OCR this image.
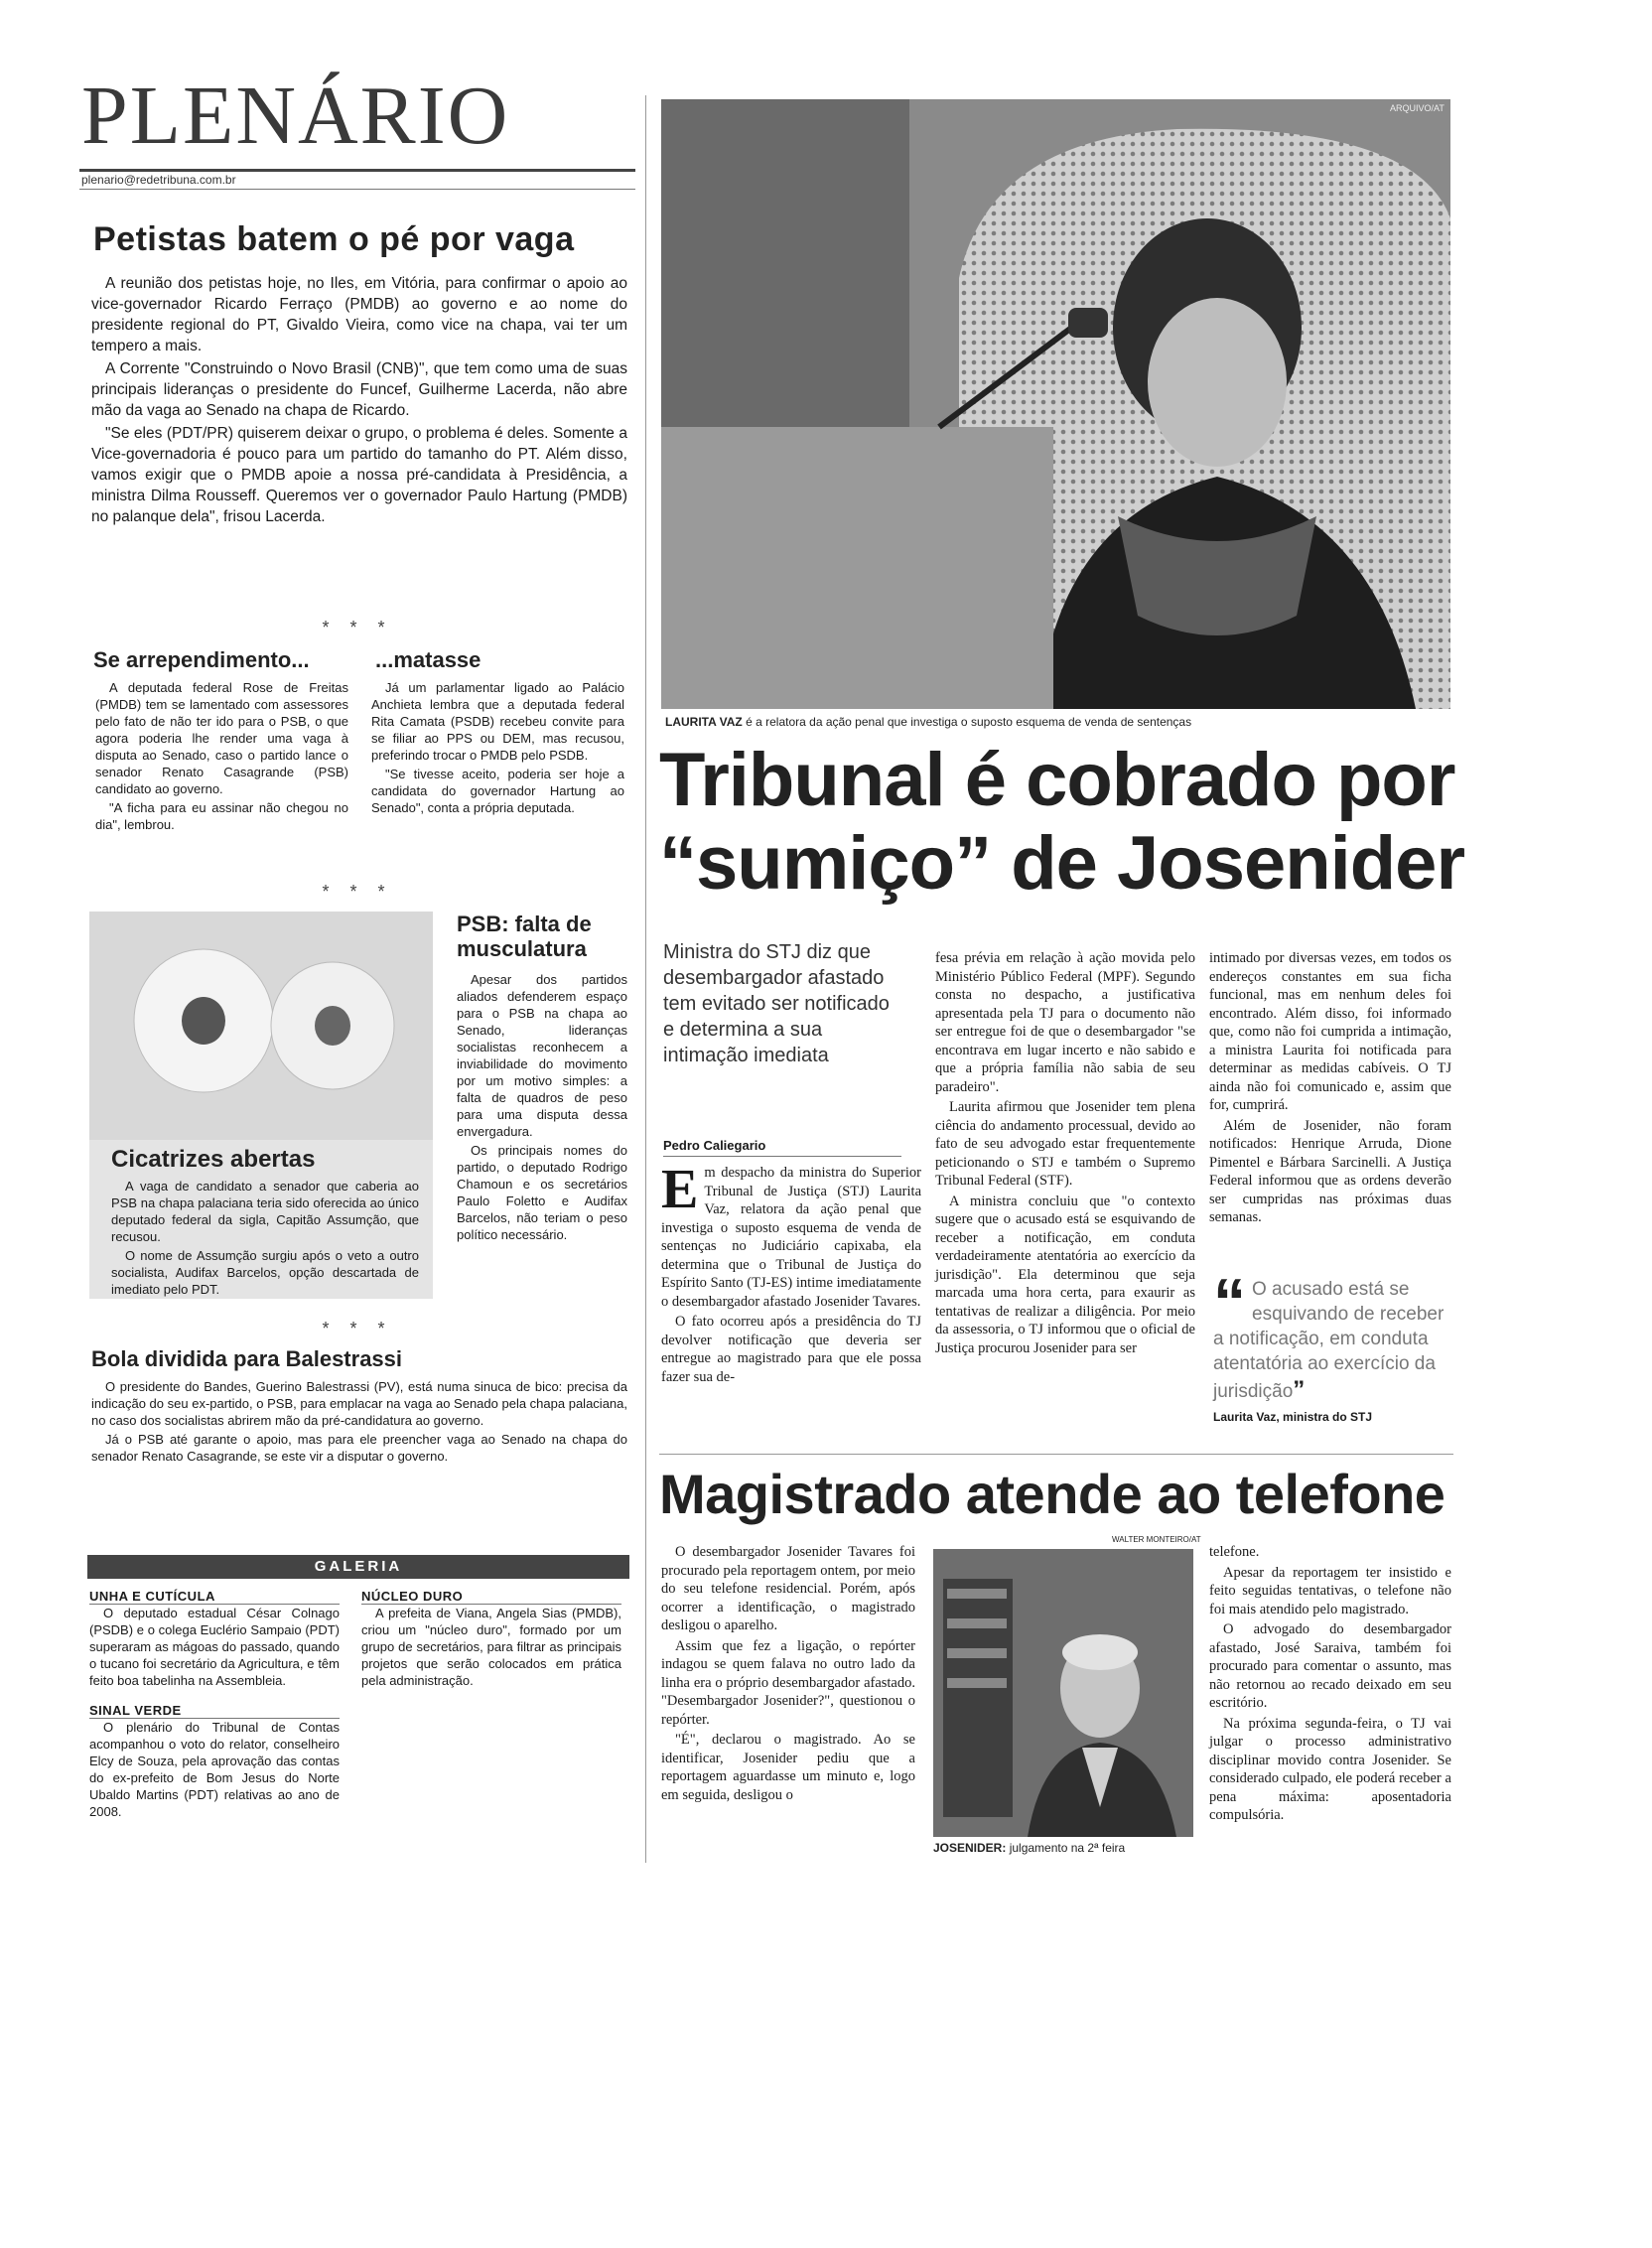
PLENÁRIO
plenario@redetribuna.com.br
Petistas batem o pé por vaga

A reunião dos petistas hoje, no Iles, em Vitória, para confirmar o apoio ao vice-governador Ricardo Ferraço (PMDB) ao governo e ao nome do presidente regional do PT, Givaldo Vieira, como vice na chapa, vai ter um tempero a mais.

A Corrente "Construindo o Novo Brasil (CNB)", que tem como uma de suas principais lideranças o presidente do Funcef, Guilherme Lacerda, não abre mão da vaga ao Senado na chapa de Ricardo.

"Se eles (PDT/PR) quiserem deixar o grupo, o problema é deles. Somente a Vice-governadoria é pouco para um partido do tamanho do PT. Além disso, vamos exigir que o PMDB apoie a nossa pré-candidata à Presidência, a ministra Dilma Rousseff. Queremos ver o governador Paulo Hartung (PMDB) no palanque dela", frisou Lacerda.

* * *
Se arrependimento...

A deputada federal Rose de Freitas (PMDB) tem se lamentado com assessores pelo fato de não ter ido para o PSB, o que agora poderia lhe render uma vaga à disputa ao Senado, caso o partido lance o senador Renato Casagrande (PSB) candidato ao governo.

"A ficha para eu assinar não chegou no dia", lembrou.

...matasse

Já um parlamentar ligado ao Palácio Anchieta lembra que a deputada federal Rita Camata (PSDB) recebeu convite para se filiar ao PPS ou DEM, mas recusou, preferindo trocar o PMDB pelo PSDB.

"Se tivesse aceito, poderia ser hoje a candidata do governador Hartung ao Senado", conta a própria deputada.

* * *
Cicatrizes abertas

A vaga de candidato a senador que caberia ao PSB na chapa palaciana teria sido oferecida ao único deputado federal da sigla, Capitão Assumção, que recusou.

O nome de Assumção surgiu após o veto a outro socialista, Audifax Barcelos, opção descartada de imediato pelo PDT.

PSB: falta de musculatura

Apesar dos partidos aliados defenderem espaço para o PSB na chapa ao Senado, lideranças socialistas reconhecem a inviabilidade do movimento por um motivo simples: a falta de quadros de peso para uma disputa dessa envergadura.

Os principais nomes do partido, o deputado Rodrigo Chamoun e os secretários Paulo Foletto e Audifax Barcelos, não teriam o peso político necessário.

* * *
Bola dividida para Balestrassi

O presidente do Bandes, Guerino Balestrassi (PV), está numa sinuca de bico: precisa da indicação do seu ex-partido, o PSB, para emplacar na vaga ao Senado pela chapa palaciana, no caso dos socialistas abrirem mão da pré-candidatura ao governo.

Já o PSB até garante o apoio, mas para ele preencher vaga ao Senado na chapa do senador Renato Casagrande, se este vir a disputar o governo.

GALERIA
UNHA E CUTÍCULA

O deputado estadual César Colnago (PSDB) e o colega Euclério Sampaio (PDT) superaram as mágoas do passado, quando o tucano foi secretário da Agricultura, e têm feito boa tabelinha na Assembleia.

SINAL VERDE

O plenário do Tribunal de Contas acompanhou o voto do relator, conselheiro Elcy de Souza, pela aprovação das contas do ex-prefeito de Bom Jesus do Norte Ubaldo Martins (PDT) relativas ao ano de 2008.

NÚCLEO DURO

A prefeita de Viana, Angela Sias (PMDB), criou um "núcleo duro", formado por um grupo de secretários, para filtrar as principais projetos que serão colocados em prática pela administração.

ARQUIVO/AT
LAURITA VAZ é a relatora da ação penal que investiga o suposto esquema de venda de sentenças
Tribunal é cobrado por
“sumiço” de Josenider
Ministra do STJ diz que desembargador afastado tem evitado ser notificado e determina a sua intimação imediata
Pedro Caliegario

E m despacho da ministra do Superior Tribunal de Justiça (STJ) Laurita Vaz, relatora da ação penal que investiga o suposto esquema de venda de sentenças no Judiciário capixaba, ela determina que o Tribunal de Justiça do Espírito Santo (TJ-ES) intime imediatamente o desembargador afastado Josenider Tavares.

O fato ocorreu após a presidência do TJ devolver notificação que deveria ser entregue ao magistrado para que ele possa fazer sua de-

fesa prévia em relação à ação movida pelo Ministério Público Federal (MPF). Segundo consta no despacho, a justificativa apresentada pela TJ para o documento não ser entregue foi de que o desembargador "se encontrava em lugar incerto e não sabido e que a própria família não sabia de seu paradeiro".

Laurita afirmou que Josenider tem plena ciência do andamento processual, devido ao fato de seu advogado estar frequentemente peticionando o STJ e também o Supremo Tribunal Federal (STF).

A ministra concluiu que "o contexto sugere que o acusado está se esquivando de receber a notificação, em conduta verdadeiramente atentatória ao exercício da jurisdição". Ela determinou que seja marcada uma hora certa, para exaurir as tentativas de realizar a diligência. Por meio da assessoria, o TJ informou que o oficial de Justiça procurou Josenider para ser

intimado por diversas vezes, em todos os endereços constantes em sua ficha funcional, mas em nenhum deles foi encontrado. Além disso, foi informado que, como não foi cumprida a intimação, a ministra Laurita foi notificada para determinar as medidas cabíveis. O TJ ainda não foi comunicado e, assim que for, cumprirá.

Além de Josenider, não foram notificados: Henrique Arruda, Dione Pimentel e Bárbara Sarcinelli. A Justiça Federal informou que as ordens deverão ser cumpridas nas próximas duas semanas.

“ O acusado está se esquivando de receber a notificação, em conduta atentatória ao exercício da jurisdição”
Laurita Vaz, ministra do STJ
Magistrado atende ao telefone

O desembargador Josenider Tavares foi procurado pela reportagem ontem, por meio do seu telefone residencial. Porém, após ocorrer a identificação, o magistrado desligou o aparelho.

Assim que fez a ligação, o repórter indagou se quem falava no outro lado da linha era o próprio desembargador afastado. "Desembargador Josenider?", questionou o repórter.

"É", declarou o magistrado. Ao se identificar, Josenider pediu que a reportagem aguardasse um minuto e, logo em seguida, desligou o

WALTER MONTEIRO/AT
JOSENIDER: julgamento na 2ª feira

telefone.

Apesar da reportagem ter insistido e feito seguidas tentativas, o telefone não foi mais atendido pelo magistrado.

O advogado do desembargador afastado, José Saraiva, também foi procurado para comentar o assunto, mas não retornou ao recado deixado em seu escritório.

Na próxima segunda-feira, o TJ vai julgar o processo administrativo disciplinar movido contra Josenider. Se considerado culpado, ele poderá receber a pena máxima: aposentadoria compulsória.
